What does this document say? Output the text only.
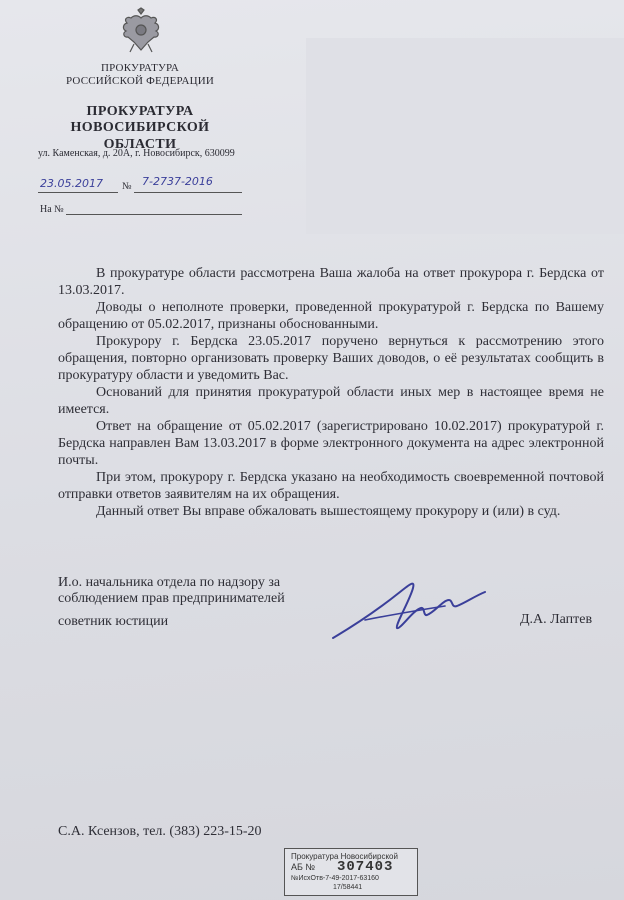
ПРОКУРАТУРА
РОССИЙСКОЙ ФЕДЕРАЦИИ
ПРОКУРАТУРА
НОВОСИБИРСКОЙ ОБЛАСТИ
ул. Каменская, д. 20А, г. Новосибирск, 630099
23.05.2017 № 7-2737-2016
На №

В прокуратуре области рассмотрена Ваша жалоба на ответ прокурора г. Бердска от 13.03.2017.

Доводы о неполноте проверки, проведенной прокуратурой г. Бердска по Вашему обращению от 05.02.2017, признаны обоснованными.

Прокурору г. Бердска 23.05.2017 поручено вернуться к рассмотрению этого обращения, повторно организовать проверку Ваших доводов, о её результатах сообщить в прокуратуру области и уведомить Вас.

Оснований для принятия прокуратурой области иных мер в настоящее время не имеется.

Ответ на обращение от 05.02.2017 (зарегистрировано 10.02.2017) прокуратурой г. Бердска направлен Вам 13.03.2017 в форме электронного документа на адрес электронной почты.

При этом, прокурору г. Бердска указано на необходимость своевременной почтовой отправки ответов заявителям на их обращения.

Данный ответ Вы вправе обжаловать вышестоящему прокурору и (или) в суд.

И.о. начальника отдела по надзору за
соблюдением прав предпринимателей
советник юстиции	Д.А. Лаптев
С.А. Ксензов, тел. (383) 223-15-20
Прокуратура Новосибирской
АБ № 307403
№ИсхОтв-7-49-2017-63160
17/58441
